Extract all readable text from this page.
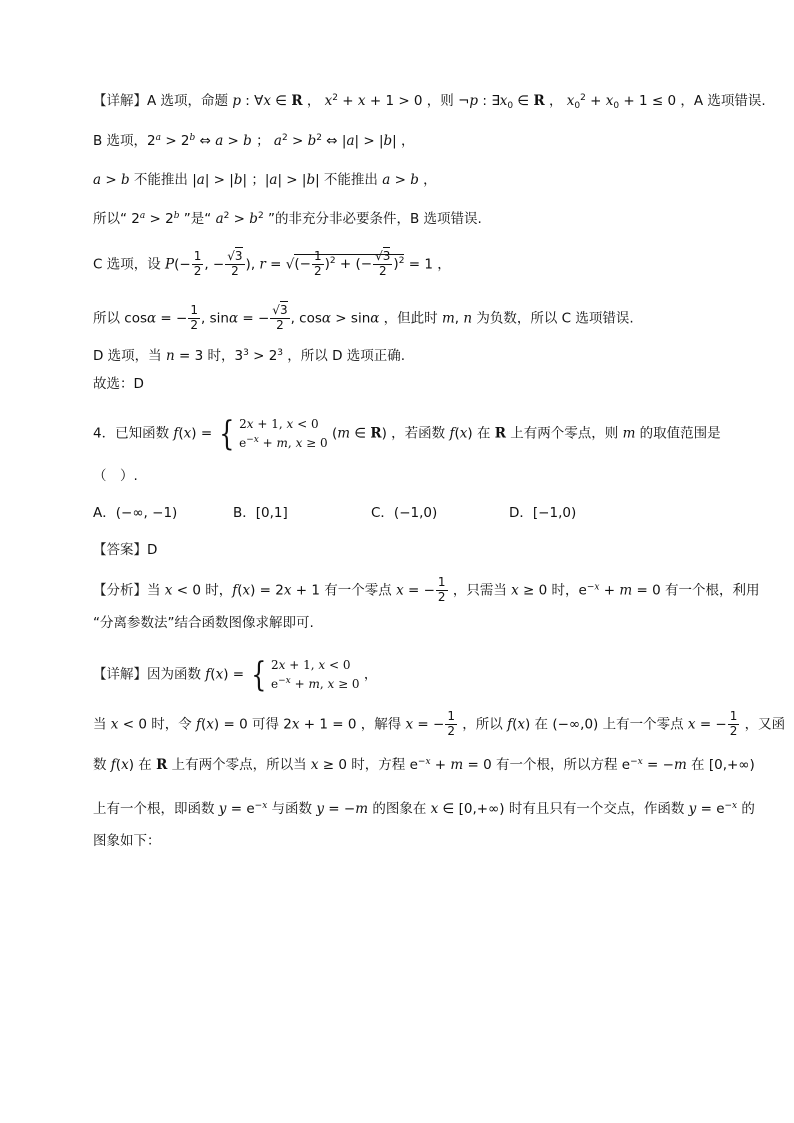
【详解】A 选项，命题 p : ∀x ∈ R ， $x^2 + x + 1 > 0$ ，则 ¬p : $\exists x_0$ ∈ R ， $x_0^2 + x_0 + 1 \le 0$ ，A 选项错误.
B 选项，$2^a > 2^b$ ⇔ a > b ； $a^2 > b^2$ ⇔ |a| > |b| ，
a > b 不能推出 |a| > |b| ；|a| > |b| 不能推出 a > b ，
所以“ $2^a > 2^b$ ”是“ $a^2 > b^2$ ”的非充分非必要条件，B 选项错误.
C 选项，设 $P(- \frac{1}{2}$ , − $\frac{√3}{2}$ ), r = √(− $\frac{1}{2} )^2$ + (− $\frac{√3}{2} )^2 = 1$ ，
所以 cosα = − $\frac{1}{2}$ , sinα = − $\frac{√3}{2}$ , cosα > sinα ，但此时 m, n 为负数，所以 C 选项错误.
D 选项，当 n = 3 时，$3^3 > 2^3$ ，所以 D 选项正确.
故选：D
4．已知函数 f(x) = { 2x + 1, x < 0
$e^{-x} + m$, x ≥ 0
(m ∈ R) ，若函数 f(x) 在 R 上有两个零点，则 m 的取值范围是
（　）.
A．(−∞, −1)	B．[0,1]	C．(−1,0)	D．[−1,0)
【答案】D
【分析】当 x < 0 时，f(x) = 2x + 1 有一个零点 x = − $\frac{1}{2}$ ，只需当 x ≥ 0 时，$e^{-x} + m = 0$ 有一个根，利用
“分离参数法”结合函数图像求解即可.
【详解】因为函数 f(x) = { 2x + 1, x < 0
$e^{-x} + m$, x ≥ 0
，
当 x < 0 时，令 f(x) = 0 可得 2x + 1 = 0 ，解得 x = − $\frac{1}{2}$ ，所以 f(x) 在 (−∞,0) 上有一个零点 x = − $\frac{1}{2}$ ，又函
数 f(x) 在 R 上有两个零点，所以当 x ≥ 0 时，方程 $e^{-x} + m = 0$ 有一个根，所以方程 $e^{-x} = -m$ 在 [0,+∞)
上有一个根，即函数 $y = e^{-x}$ 与函数 y = −m 的图象在 x ∈ [0,+∞) 时有且只有一个交点，作函数 $y = e^{-x}$ 的
图象如下：
